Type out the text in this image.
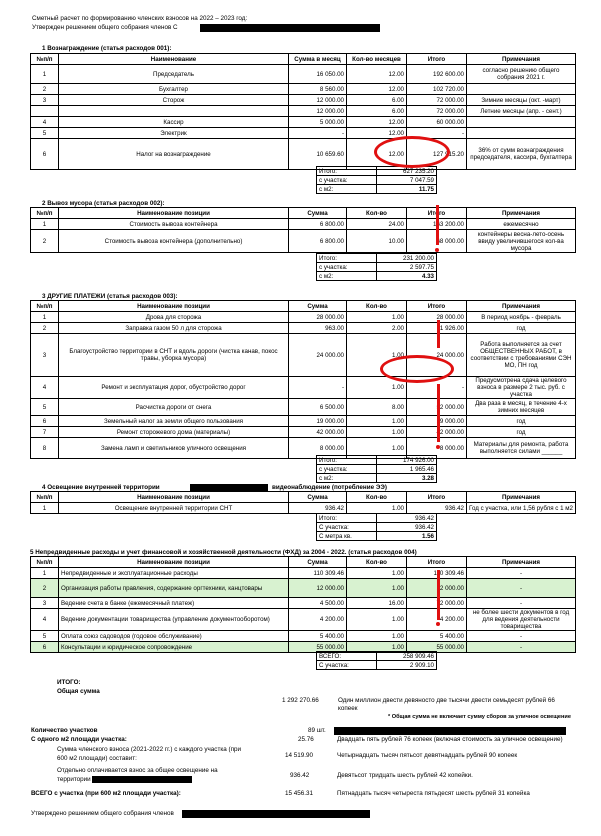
Сметный расчет по формированию членских взносов на 2022 – 2023 год:
Утвержден решением общего собрания членов С
1 Вознаграждение (статья расходов 001):
№п/п	Наименование	Сумма в месяц	Кол-во месяцев	Итого	Примечания
1	Председатель	16 050.00	12.00	192 600.00	согласно решению общего собрания 2021 г.
2	Бухгалтер	8 560.00	12.00	102 720.00	
3	Сторож	12 000.00	6.00	72 000.00	Зимние месяцы (окт. -март)
		12 000.00	6.00	72 000.00	Летние месяцы (апр. - сент.)
4	Кассир	5 000.00	12.00	60 000.00	
5	Электрик	-	12.00	-	
6	Налог на вознаграждение	10 659.60	12.00	127 915.20	36% от сумм вознаграждения председателя, кассира, бухгалтера
Итого:	627 235.20
с участка:	7 047.59
с м2:	11.75
2 Вывоз мусора (статья расходов 002):
№п/п	Наименование позиции	Сумма	Кол-во	Итого	Примечания
1	Стоимость вывоза контейнера	6 800.00	24.00	163 200.00	ежемесячно
2	Стоимость вывоза контейнера (дополнительно)	6 800.00	10.00	68 000.00	контейнеры весна-лето-осень ввиду увеличившегося кол-ва мусора
Итого:	231 200.00
с участка:	2 597.75
с м2:	4.33
3 ДРУГИЕ ПЛАТЕЖИ (статья расходов 003):
№п/п	Наименование позиции	Сумма	Кол-во	Итого	Примечания
1	Дрова для сторожа	28 000.00	1.00	28 000.00	В период ноябрь - февраль
2	Заправка газом 50 л для сторожа	963.00	2.00	1 926.00	год
3	Благоустройство территории в СНТ и вдоль дороги (чистка канав, покос травы, уборка мусора)	24 000.00	1.00	24 000.00	Работа выполняется за счет ОБЩЕСТВЕННЫХ РАБОТ, в соответствии с требованиями СЭН МО, ПН год
4	Ремонт и эксплуатация дорог, обустройство дорог	-	1.00	-	Предусмотрена сдача целевого взноса в размере 2 тыс. руб. с участка
5	Расчистка дороги от снега	6 500.00	8.00	52 000.00	Два раза в месяц, в течение 4-х зимних месяцев
6	Земельный налог за земли общего пользования	19 000.00	1.00	19 000.00	год
7	Ремонт сторожевого дома (материалы)	42 000.00	1.00	42 000.00	год
8	Замена ламп и светильников уличного освещения	8 000.00	1.00	8 000.00	Материалы для ремонта, работа выполняется силами ______
Итого:	174 926.00
с участка:	1 965.46
с м2:	3.28
4 Освещение внутренней территории	видеонаблюдение (потребление ЭЭ)
№п/п	Наименование позиции	Сумма	Кол-во	Итого	Примечания
1	Освещение внутренней территории СНТ	936.42	1.00	936.42	Год с участка, или 1,56 рубля с 1 м2
Итого:	936.42
С участка:	936.42
С метра кв.	1.56
5 Непредвиденные расходы и учет финансовой и хозяйственной деятельности (ФХД) за 2004 - 2022. (статья расходов 004)
№п/п	Наименование позиции	Сумма	Кол-во	Итого	Примечания
1	Непредвиденные и эксплуатационные расходы	110 309.46	1.00	110 309.46	-
2	Организация работы правления, содержание оргтехники, канцтовары	12 000.00	1.00	12 000.00	-
3	Ведение счета в банке (ежемесячный платеж)	4 500.00	16.00	72 000.00	-
4	Ведение документации товарищества (управление документооборотом)	4 200.00	1.00	4 200.00	не более шести документов в год для ведения деятельности товарищества
5	Оплата союз садоводов (годовое обслуживание)	5 400.00	1.00	5 400.00	-
6	Консультации и юридическое сопровождение	55 000.00	1.00	55 000.00	-
ВСЕГО:	258 909.46
С участка:	2 909.10
ИТОГО:
Общая сумма
1 292 270.66	Один миллион двести девяносто две тысячи двести семьдесят рублей 66
копеек
* Общая сумма не включает сумму сборов за уличное освещение
Количество участков	89 шт.
С одного м2 площади участка:	25.76	Двадцать пять рублей 76 копеек (включая стоимость за уличное освещение)
Сумма членского взноса (2021-2022 гг.) с каждого участка (при
600 м2 площади) составит:	14 519.90	Четырнадцать тысяч пятьсот девятнадцать рублей 90 копеек
Отдельно оплачивается взнос за общее освещение на
территории
936.42	Девятьсот тридцать шесть рублей 42 копейки.
ВСЕГО с участка (при 600 м2 площади участка):	15 456.31	Пятнадцать тысяч четыреста пятьдесят шесть рублей 31 копейка
Утверждено решением общего собрания членов
